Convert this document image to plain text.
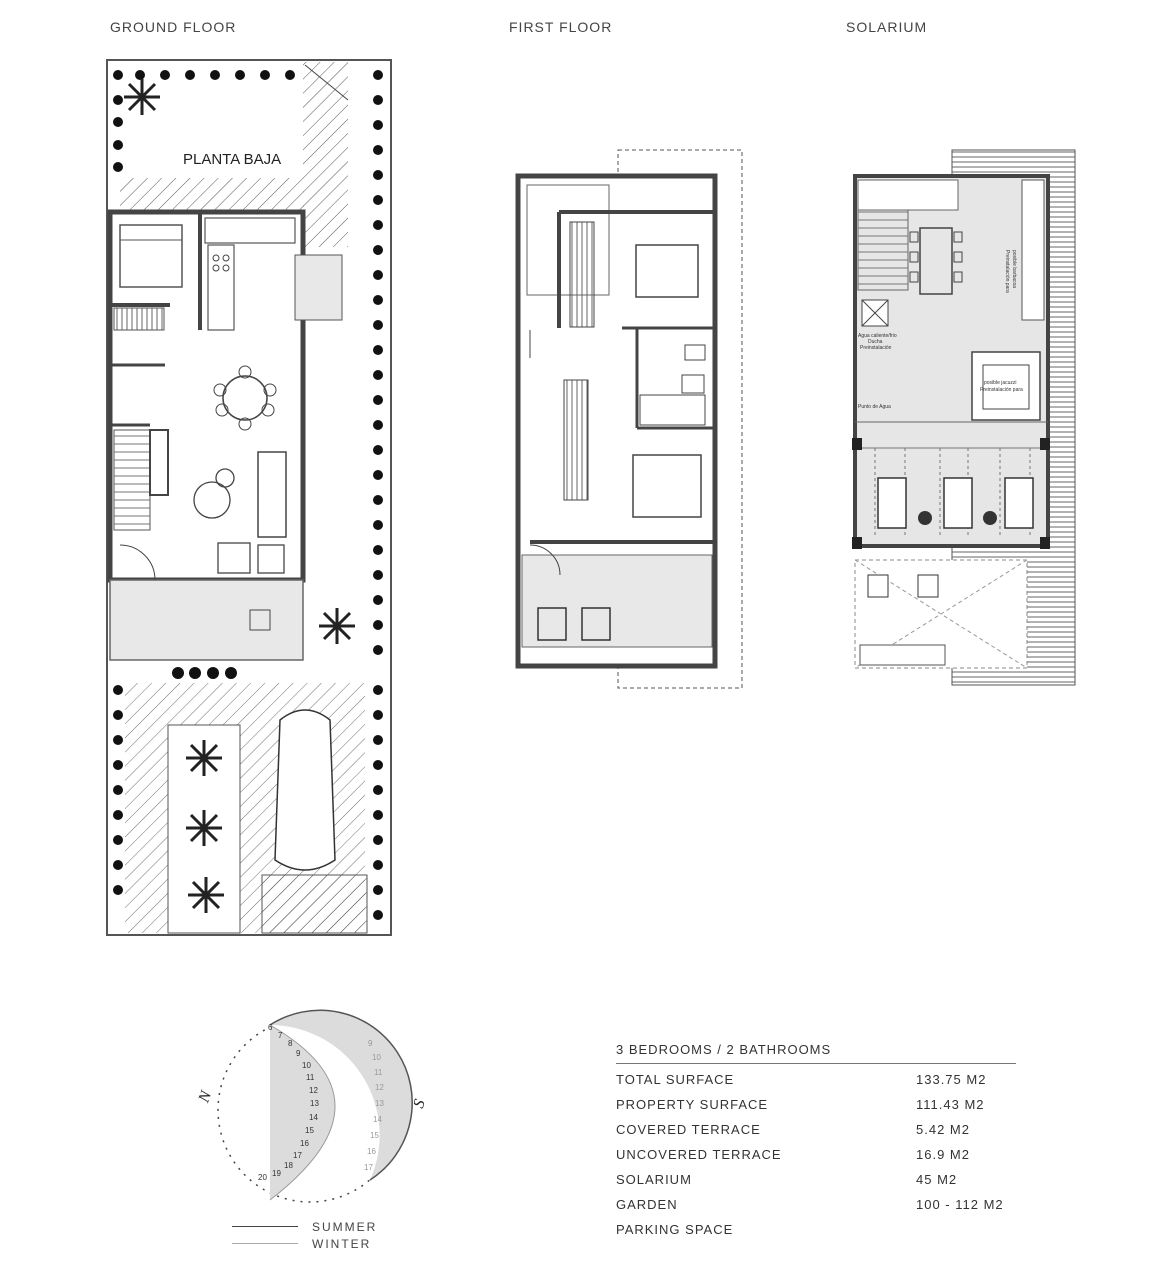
GROUND FLOOR	FIRST FLOOR	SOLARIUM
PLANTA BAJA
Agua caliente/frio
Ducha
Preinstalación
Punto de Agua
posible jacuzzi
Preinstalación para
posible barbacoa
Preinstalación para
N	S
6
7
8
9
10
11
12
13
14
15
16
17
18
19
20
9
10
11
12
13
14
15
16
17
3 BEDROOMS / 2 BATHROOMS
TOTAL SURFACE	133.75 M2
PROPERTY SURFACE	111.43 M2
COVERED TERRACE	5.42 M2
UNCOVERED TERRACE	16.9 M2
SOLARIUM	45 M2
GARDEN	100 - 112 M2
PARKING SPACE
SUMMER
WINTER
